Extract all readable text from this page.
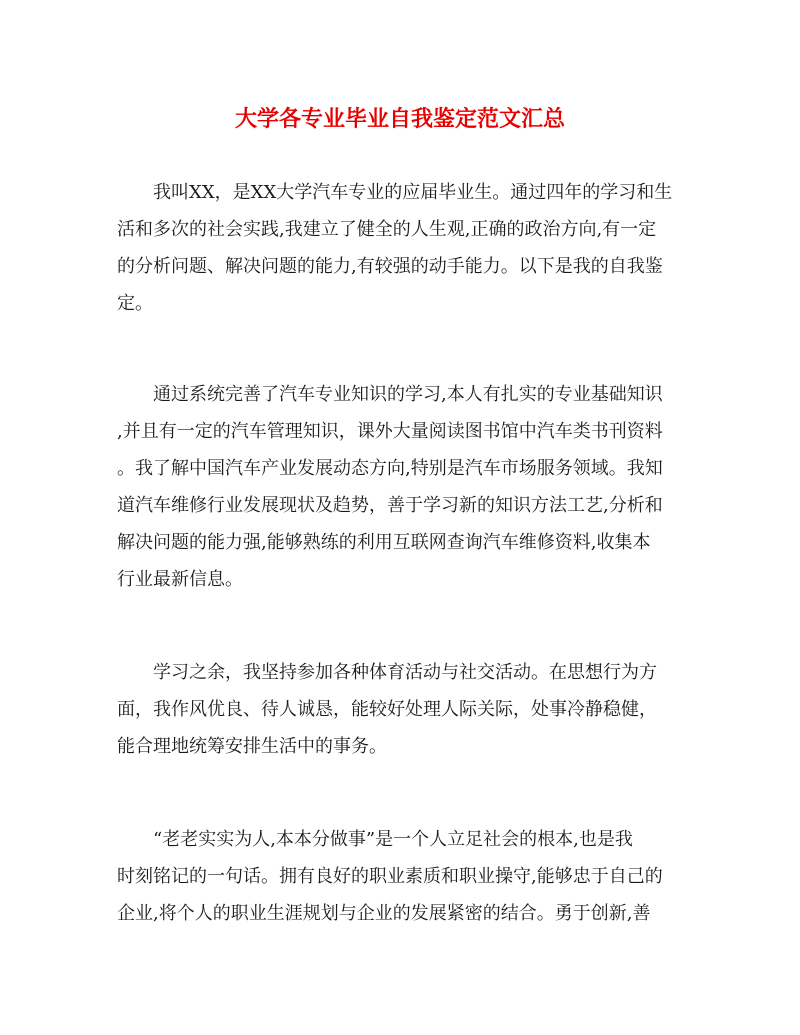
大学各专业毕业自我鉴定范文汇总
　　我叫XX，是XX大学汽车专业的应届毕业生。通过四年的学习和生
活和多次的社会实践,我建立了健全的人生观,正确的政治方向,有一定
的分析问题、解决问题的能力,有较强的动手能力。以下是我的自我鉴
定。
　　通过系统完善了汽车专业知识的学习,本人有扎实的专业基础知识
,并且有一定的汽车管理知识，课外大量阅读图书馆中汽车类书刊资料
。我了解中国汽车产业发展动态方向,特别是汽车市场服务领域。我知
道汽车维修行业发展现状及趋势，善于学习新的知识方法工艺,分析和
解决问题的能力强,能够熟练的利用互联网查询汽车维修资料,收集本
行业最新信息。
　　学习之余，我坚持参加各种体育活动与社交活动。在思想行为方
面，我作风优良、待人诚恳，能较好处理人际关际，处事冷静稳健，
能合理地统筹安排生活中的事务。
　　“老老实实为人,本本分做事”是一个人立足社会的根本,也是我
时刻铭记的一句话。拥有良好的职业素质和职业操守,能够忠于自己的
企业,将个人的职业生涯规划与企业的发展紧密的结合。勇于创新,善
